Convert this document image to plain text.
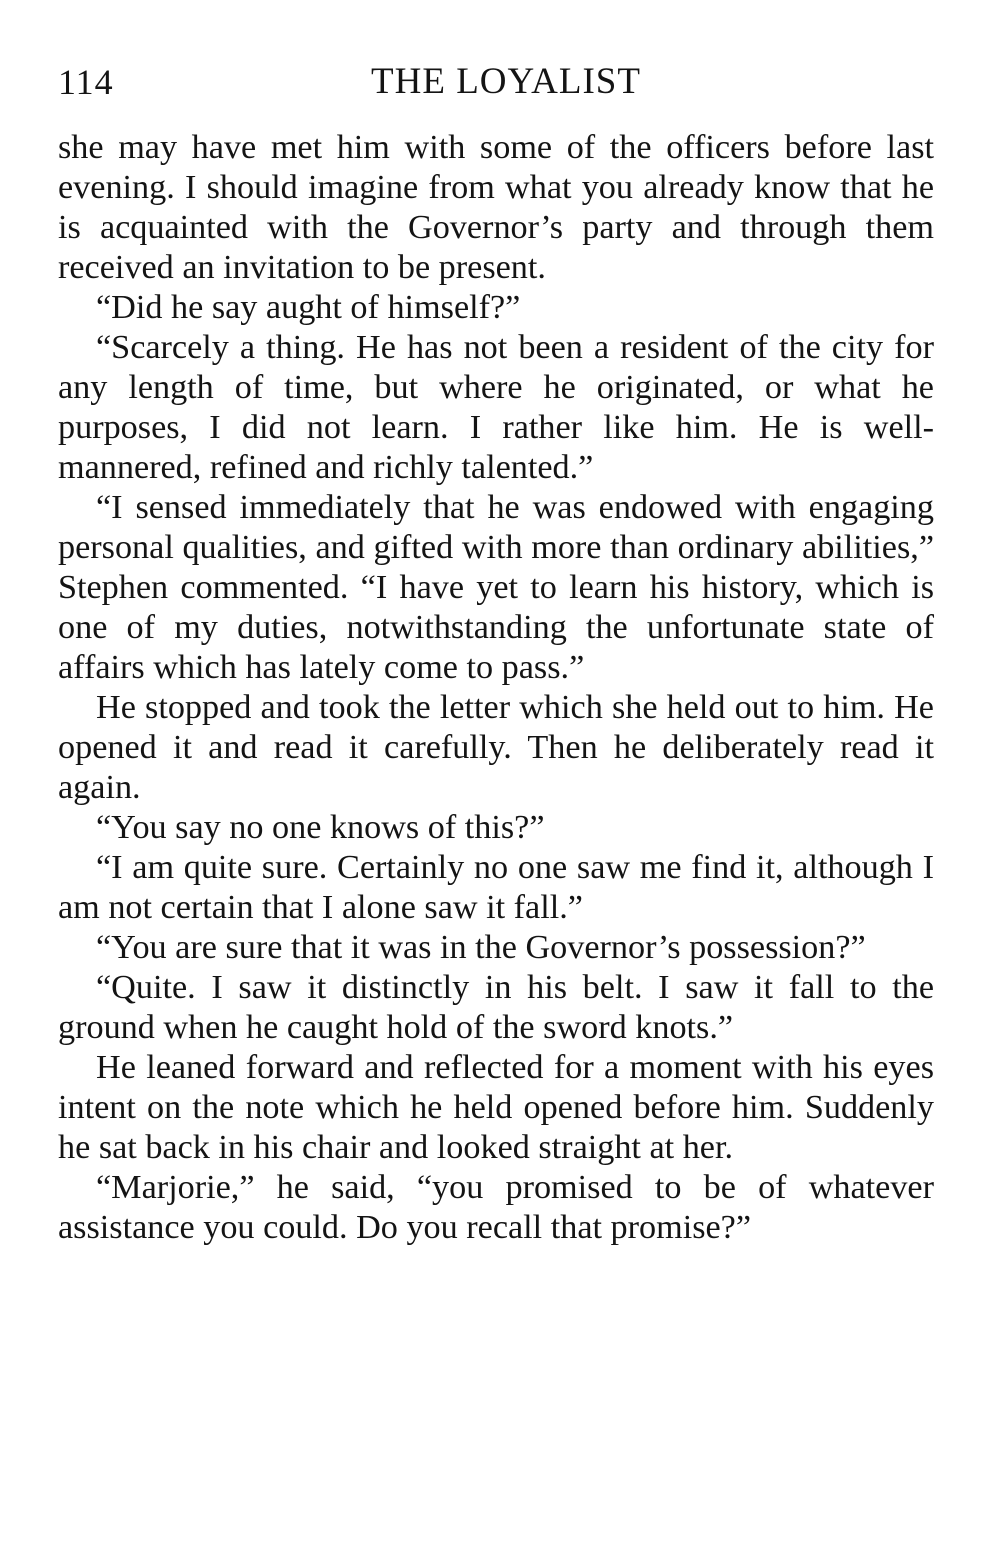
114	THE LOYALIST

she may have met him with some of the officers before last evening. I should imagine from what you already know that he is acquainted with the Governor’s party and through them received an invitation to be present.

“Did he say aught of himself?”

“Scarcely a thing. He has not been a resident of the city for any length of time, but where he originated, or what he purposes, I did not learn. I rather like him. He is well-mannered, refined and richly talented.”

“I sensed immediately that he was endowed with engaging personal qualities, and gifted with more than ordinary abilities,” Stephen commented. “I have yet to learn his history, which is one of my duties, notwithstanding the unfortunate state of affairs which has lately come to pass.”

He stopped and took the letter which she held out to him. He opened it and read it carefully. Then he deliberately read it again.

“You say no one knows of this?”

“I am quite sure. Certainly no one saw me find it, although I am not certain that I alone saw it fall.”

“You are sure that it was in the Governor’s possession?”

“Quite. I saw it distinctly in his belt. I saw it fall to the ground when he caught hold of the sword knots.”

He leaned forward and reflected for a moment with his eyes intent on the note which he held opened before him. Suddenly he sat back in his chair and looked straight at her.

“Marjorie,” he said, “you promised to be of whatever assistance you could. Do you recall that promise?”
